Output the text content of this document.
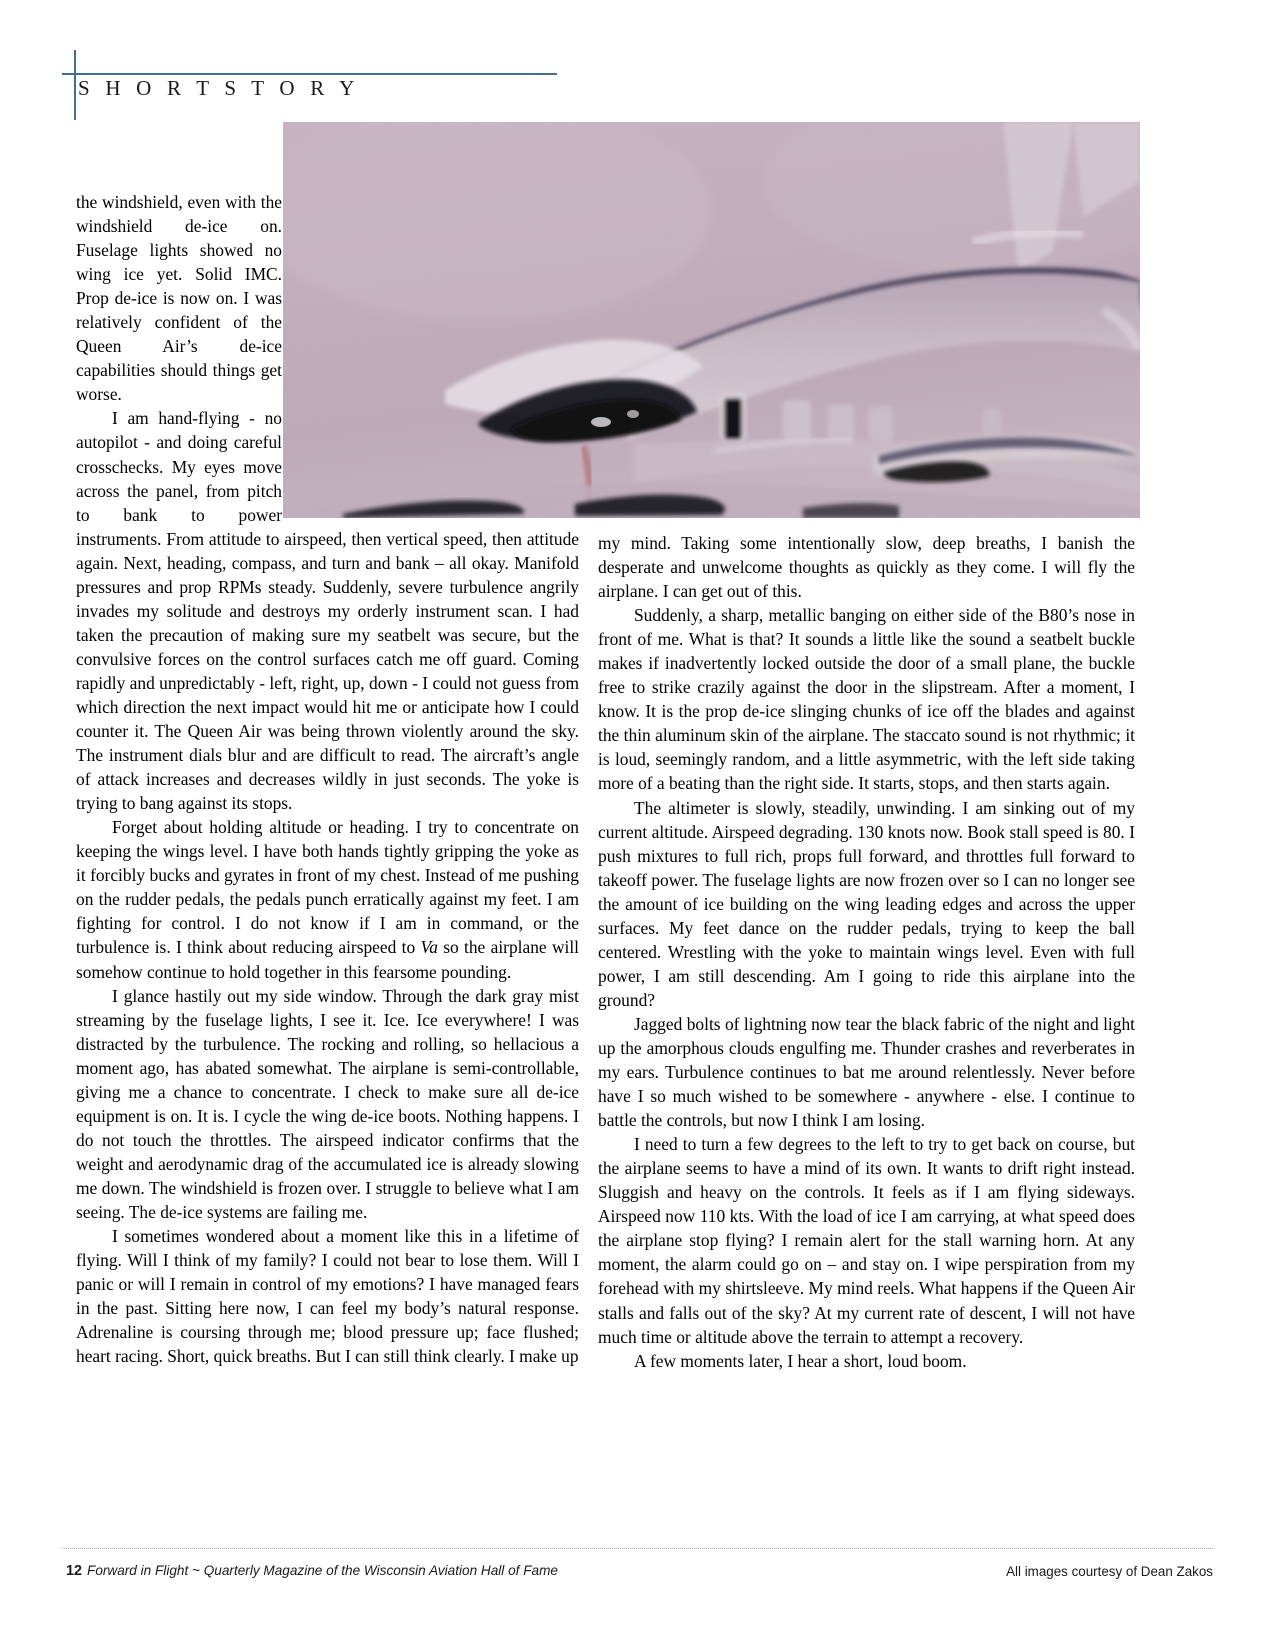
S H O R T S T O R Y

the windshield, even with the windshield de-ice on. Fuselage lights showed no wing ice yet. Solid IMC. Prop de-ice is now on. I was relatively confident of the Queen Air’s de-ice capabilities should things get worse.

I am hand-flying - no autopilot - and doing careful crosschecks. My eyes move across the panel, from pitch to bank to power instruments. From attitude to airspeed, then vertical speed, then attitude again. Next, heading, compass, and turn and bank – all okay. Manifold pressures and prop RPMs steady. Suddenly, severe turbulence angrily invades my solitude and destroys my orderly instrument scan. I had taken the precaution of making sure my seatbelt was secure, but the convulsive forces on the control surfaces catch me off guard. Coming rapidly and unpredictably - left, right, up, down - I could not guess from which direction the next impact would hit me or anticipate how I could counter it. The Queen Air was being thrown violently around the sky. The instrument dials blur and are difficult to read. The aircraft’s angle of attack increases and decreases wildly in just seconds. The yoke is trying to bang against its stops.

Forget about holding altitude or heading. I try to concentrate on keeping the wings level. I have both hands tightly gripping the yoke as it forcibly bucks and gyrates in front of my chest. Instead of me pushing on the rudder pedals, the pedals punch erratically against my feet. I am fighting for control. I do not know if I am in command, or the turbulence is. I think about reducing airspeed to Va so the airplane will somehow continue to hold together in this fearsome pounding.

I glance hastily out my side window. Through the dark gray mist streaming by the fuselage lights, I see it. Ice. Ice everywhere! I was distracted by the turbulence. The rocking and rolling, so hellacious a moment ago, has abated somewhat. The airplane is semi-controllable, giving me a chance to concentrate. I check to make sure all de-ice equipment is on. It is. I cycle the wing de-ice boots. Nothing happens. I do not touch the throttles. The airspeed indicator confirms that the weight and aerodynamic drag of the accumulated ice is already slowing me down. The windshield is frozen over. I struggle to believe what I am seeing. The de-ice systems are failing me.

I sometimes wondered about a moment like this in a lifetime of flying. Will I think of my family? I could not bear to lose them. Will I panic or will I remain in control of my emotions? I have managed fears in the past. Sitting here now, I can feel my body’s natural response. Adrenaline is coursing through me; blood pressure up; face flushed; heart racing. Short, quick breaths. But I can still think clearly. I make up

my mind. Taking some intentionally slow, deep breaths, I banish the desperate and unwelcome thoughts as quickly as they come. I will fly the airplane. I can get out of this.

Suddenly, a sharp, metallic banging on either side of the B80’s nose in front of me. What is that? It sounds a little like the sound a seatbelt buckle makes if inadvertently locked outside the door of a small plane, the buckle free to strike crazily against the door in the slipstream. After a moment, I know. It is the prop de-ice slinging chunks of ice off the blades and against the thin aluminum skin of the airplane. The staccato sound is not rhythmic; it is loud, seemingly random, and a little asymmetric, with the left side taking more of a beating than the right side. It starts, stops, and then starts again.

The altimeter is slowly, steadily, unwinding. I am sinking out of my current altitude. Airspeed degrading. 130 knots now. Book stall speed is 80. I push mixtures to full rich, props full forward, and throttles full forward to takeoff power. The fuselage lights are now frozen over so I can no longer see the amount of ice building on the wing leading edges and across the upper surfaces. My feet dance on the rudder pedals, trying to keep the ball centered. Wrestling with the yoke to maintain wings level. Even with full power, I am still descending. Am I going to ride this airplane into the ground?

Jagged bolts of lightning now tear the black fabric of the night and light up the amorphous clouds engulfing me. Thunder crashes and reverberates in my ears. Turbulence continues to bat me around relentlessly. Never before have I so much wished to be somewhere - anywhere - else. I continue to battle the controls, but now I think I am losing.

I need to turn a few degrees to the left to try to get back on course, but the airplane seems to have a mind of its own. It wants to drift right instead. Sluggish and heavy on the controls. It feels as if I am flying sideways. Airspeed now 110 kts. With the load of ice I am carrying, at what speed does the airplane stop flying? I remain alert for the stall warning horn. At any moment, the alarm could go on – and stay on. I wipe perspiration from my forehead with my shirtsleeve. My mind reels. What happens if the Queen Air stalls and falls out of the sky? At my current rate of descent, I will not have much time or altitude above the terrain to attempt a recovery.

A few moments later, I hear a short, loud boom.

12 Forward in Flight ~ Quarterly Magazine of the Wisconsin Aviation Hall of Fame	All images courtesy of Dean Zakos
